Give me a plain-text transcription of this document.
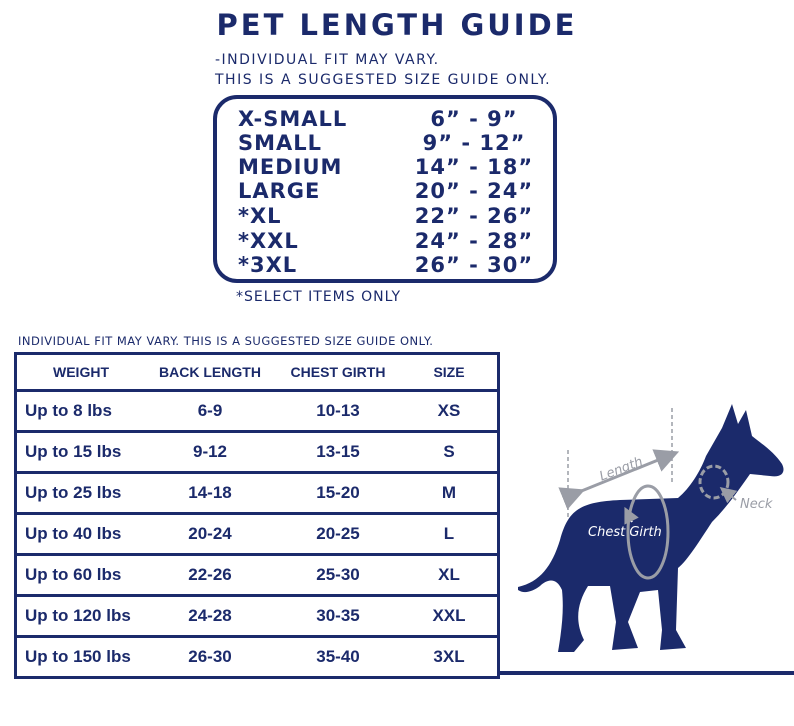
PET LENGTH GUIDE
-INDIVIDUAL FIT MAY VARY.
THIS IS A SUGGESTED SIZE GUIDE ONLY.
X-SMALL	6” - 9”
SMALL	9” - 12”
MEDIUM	14” - 18”
LARGE	20” - 24”
*XL	22” - 26”
*XXL	24” - 28”
*3XL	26” - 30”
*SELECT ITEMS ONLY
INDIVIDUAL FIT MAY VARY. THIS IS A SUGGESTED SIZE GUIDE ONLY.
WEIGHT	BACK LENGTH	CHEST GIRTH	SIZE
Up to 8 lbs	6-9	10-13	XS
Up to 15 lbs	9-12	13-15	S
Up to 25 lbs	14-18	15-20	M
Up to 40 lbs	20-24	20-25	L
Up to 60 lbs	22-26	25-30	XL
Up to 120 lbs	24-28	30-35	XXL
Up to 150 lbs	26-30	35-40	3XL
Length
Neck
Chest Girth
